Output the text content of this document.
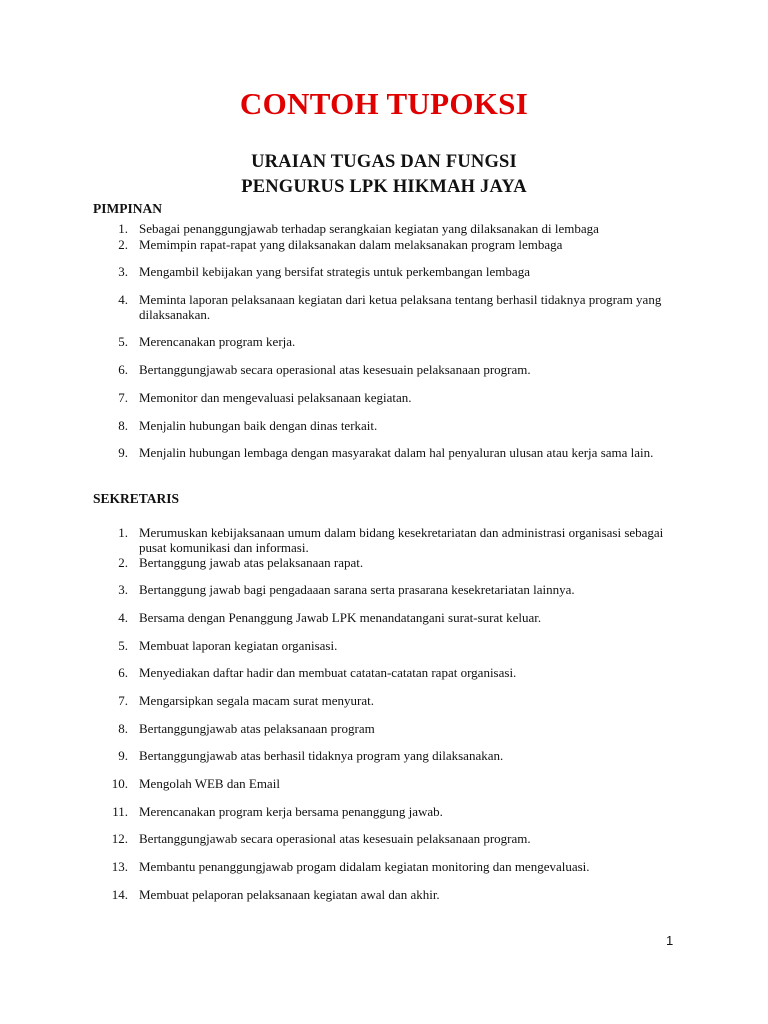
CONTOH TUPOKSI
URAIAN TUGAS DAN FUNGSI
PENGURUS LPK HIKMAH JAYA
PIMPINAN
1. Sebagai penanggungjawab terhadap serangkaian kegiatan yang dilaksanakan di lembaga
2. Memimpin rapat-rapat yang dilaksanakan dalam melaksanakan program lembaga
3. Mengambil kebijakan yang bersifat strategis untuk perkembangan lembaga
4. Meminta laporan pelaksanaan kegiatan dari ketua pelaksana tentang berhasil tidaknya program yang dilaksanakan.
5. Merencanakan program kerja.
6. Bertanggungjawab secara operasional atas kesesuain pelaksanaan program.
7. Memonitor dan mengevaluasi pelaksanaan kegiatan.
8. Menjalin hubungan baik dengan dinas terkait.
9. Menjalin hubungan lembaga dengan masyarakat dalam hal penyaluran ulusan atau kerja sama lain.
SEKRETARIS
1. Merumuskan kebijaksanaan umum dalam bidang kesekretariatan dan administrasi organisasi sebagai pusat komunikasi dan informasi.
2. Bertanggung jawab atas pelaksanaan rapat.
3. Bertanggung jawab bagi pengadaaan sarana serta prasarana kesekretariatan lainnya.
4. Bersama dengan Penanggung Jawab LPK menandatangani surat-surat keluar.
5. Membuat laporan kegiatan organisasi.
6. Menyediakan daftar hadir dan membuat catatan-catatan rapat organisasi.
7. Mengarsipkan segala macam surat menyurat.
8. Bertanggungjawab atas pelaksanaan program
9. Bertanggungjawab atas berhasil tidaknya program yang dilaksanakan.
10. Mengolah WEB dan Email
11. Merencanakan program kerja bersama penanggung jawab.
12. Bertanggungjawab secara operasional atas kesesuain pelaksanaan program.
13. Membantu penanggungjawab progam didalam kegiatan monitoring dan mengevaluasi.
14. Membuat pelaporan pelaksanaan kegiatan awal dan akhir.
1
